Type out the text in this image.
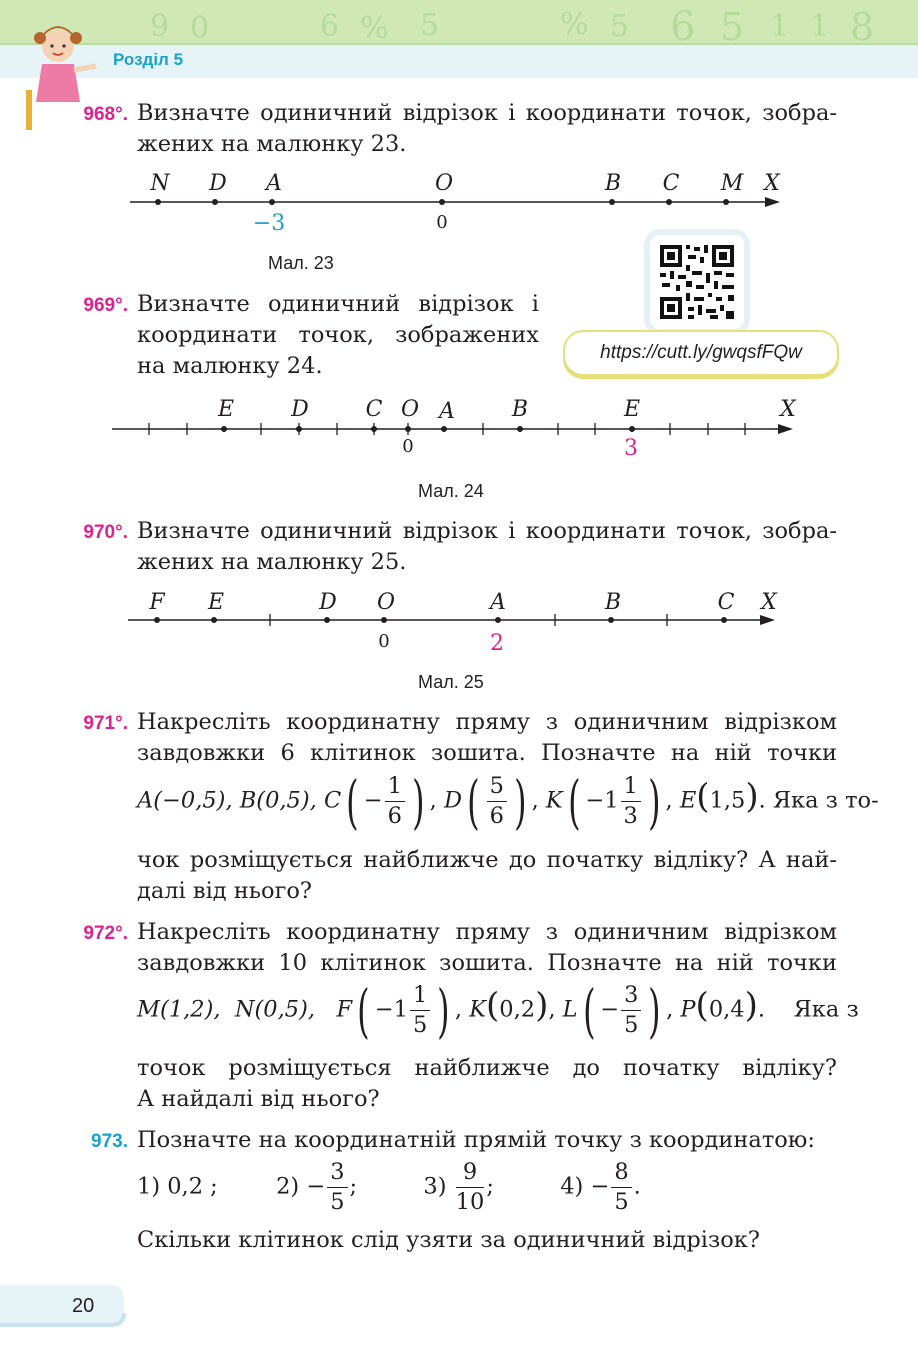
9 0	6 % 5	% 5 6 5 1 1 8
Розділ 5
968°. Визначте одиничний відрізок і координати точок, зобра-
жених на малюнку 23.
N D A	O	B C M X
−3	0
Мал. 23
https://cutt.ly/gwqsfFQw
969°. Визначте одиничний відрізок і
координати точок, зображених
на малюнку 24.
E	D	C O A	B	E	X
0	3
Мал. 24
970°. Визначте одиничний відрізок і координати точок, зобра-
жених на малюнку 25.
F E	D O	A	B	C X
0	2
Мал. 25
971°. Накресліть координатну пряму з одиничним відрізком
завдовжки 6 клітинок зошита. Позначте на ній точки
A(−0,5), B(0,5), $C( - \frac{1}{6}$ ) , $D( \frac{5}{6}$ ) , $K( -1 \frac{1}{3}$ ) , E(1,5). Яка з то-
чок розміщується найближче до початку відліку? А най-
далі від нього?
972°. Накресліть координатну пряму з одиничним відрізком
завдовжки 10 клітинок зошита. Позначте на ній точки
M(1,2), N(0,5), $F( -1 \frac{1}{5}$ ) , K(0,2), $L( - \frac{3}{5}$ ) , P(0,4).    Яка з
точок розміщується найближче до початку відліку?
А найдалі від нього?
973. Позначте на координатній прямій точку з координатою:
1) 0,2 ;	$2) - \frac{3}{5}$ ;	$3) \frac{9}{10}$ ;	$4) - \frac{8}{5}$ .
Скільки клітинок слід узяти за одиничний відрізок?
20
